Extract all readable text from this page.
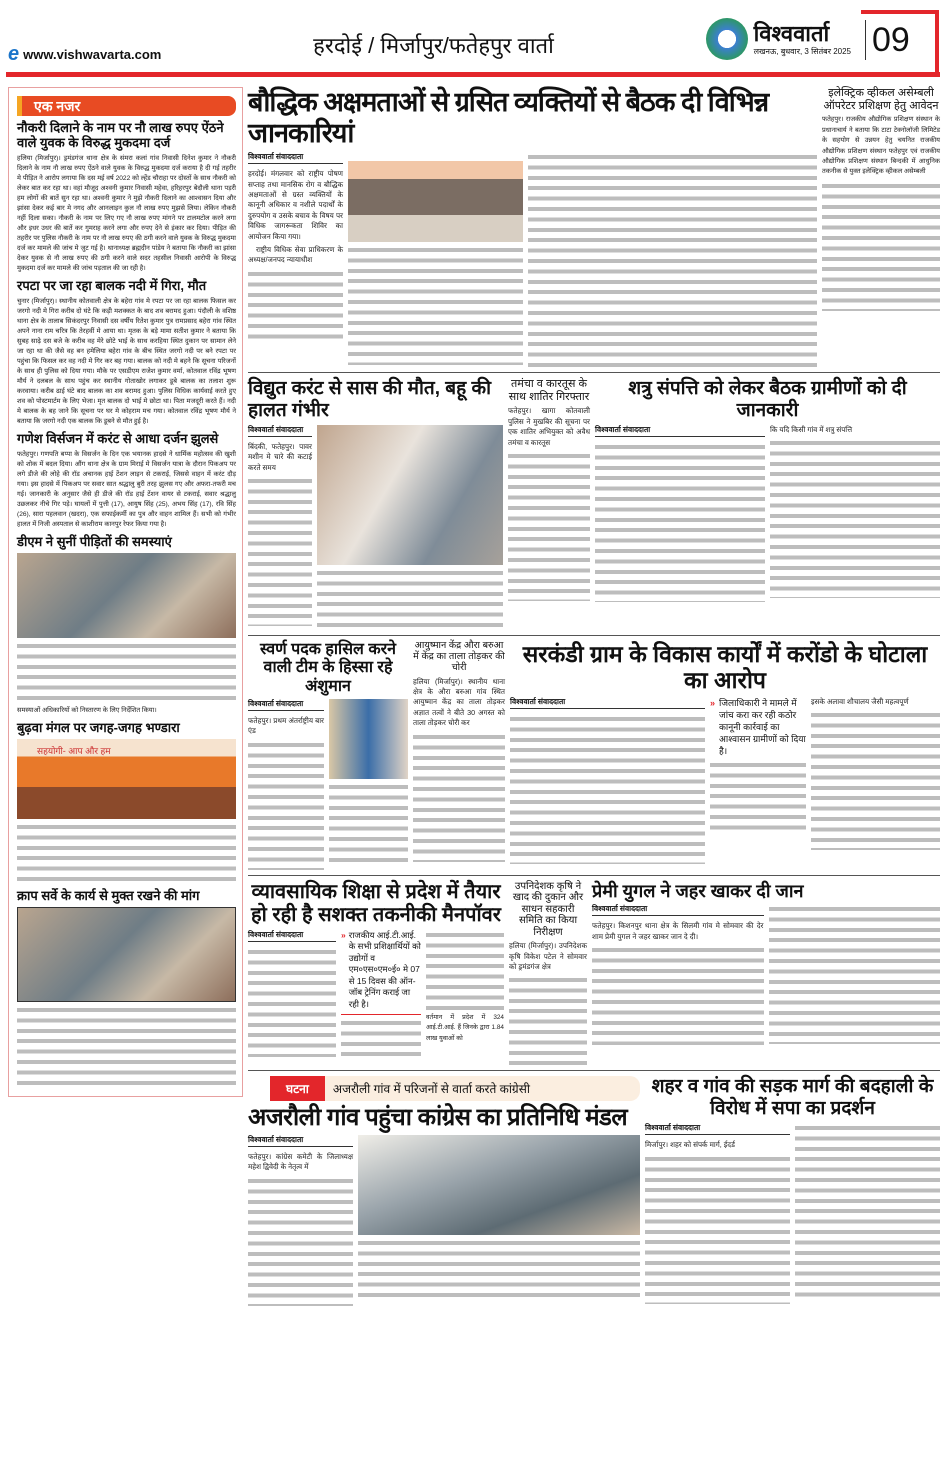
e www.vishwavarta.com	हरदोई / मिर्जापुर/फतेहपुर वार्ता	विश्ववार्ता
लखनऊ, बुधवार, 3 सितंबर 2025 09
एक नजर
नौकरी दिलाने के नाम पर नौ लाख रुपए ऐंठने वाले युवक के विरुद्ध मुकदमा दर्ज
हलिया (मिर्जापुर)। ड्रमंडगंज थाना क्षेत्र के संमरा कलां गांव निवासी दिनेश कुमार ने नौकरी दिलाने के नाम नौ लाख रुपए ऐंठने वाले युवक के विरुद्ध मुकदमा दर्ज कराया है दी गई तहरीर मे पीड़ित ने आरोप लगाया कि दस मई वर्ष 2022 को ल्हेंड चौराहा पर दोस्तों के साथ नौकरी को लेकर बात कर रहा था। वहां मौजूद अश्वनी कुमार निवासी महेवा, हरिहरपुर बेदौली थाना पड़री हम लोगों की बातें सुन रहा था। अश्वनी कुमार ने मुझे नौकरी दिलाने का आश्वासन दिया और झांसा देकर कई बार मे नगद और आनलाइन कुल नौ लाख रुपए मुझसे लिया। लेकिन नौकरी नहीं दिला सका। नौकरी के नाम पर लिए गए नौ लाख रुपए मांगने पर टालमटोल करने लगा और इधर उधर की बातें कर गुमराह करने लगा और रुपए देने से इंकार कर दिया। पीड़ित की तहरीर पर पुलिस नौकरी के नाम पर नौ लाख रुपए की ठगी करने वाले युवक के विरुद्ध मुकदमा दर्ज कर मामले की जांच मे जुट गई है। थानाध्यक्ष ब्रह्मदीन पांडेय ने बताया कि नौकरी का झांसा देकर युवक से नौ लाख रुपए की ठगी करने वाले सदर तहसील निवासी आरोपी के विरुद्ध मुकदमा दर्ज कर मामले की जांच पड़ताल की जा रही है।
रपटा पर जा रहा बालक नदी में गिरा, मौत
चुनार (मिर्जापुर)। स्थानीय कोतवाली क्षेत्र के बहेरा गांव मे रपटा पर जा रहा बालक फिसल कर जरगो नदी मे गिरा करीब दो घंटे कि कड़ी मशक्कत के बाद शव बरामद हुआ। पंदौली के वशिष्ठ थाना क्षेत्र के तालाब सिकंदरपुर निवासी दस वर्षीय रितेश कुमार पुत्र रामप्रसाद बहेरा गांव स्थित अपने नाना राम चरित्र कि तेरहवीं मे आया था। मृतक के बड़े मामा सतीश कुमार ने बताया कि सुबह साढ़े दस बजे के करीब वह मेरे छोटे भाई के साथ करहिया स्थित दुकान पर सामान लेने जा रहा था की जैसे वह बन हमेलिया बहेरा गांव के बीच स्थित जरगो नदी पर बने रपटा पर पहुंचा कि फिसल कर वह नदी मे गिर कर बह गया। बालक को नदी मे बहने कि सूचना परिजनों के साथ ही पुलिस को दिया गया। मौके पर एसडीएम राजेश कुमार वर्मा, कोतवाल रविंद्र भूषण मौर्य ने दलबल के साथ पहुंच कर स्थानीय गोताखोर लगाकर डूबे बालक का तलाश शुरू करवाया। करीब ढाई घंटे बाद बालक का शव बरामद हुआ। पुलिस विधिक कार्यवाई करते हुए शव को पोस्टमार्टम के लिए भेजा। मृत बालक दो भाई मे छोटा था। पिता मजदूरी करते हैं। नदी मे बालक के बह जाने कि सूचना पर घर मे कोहराम मच गया। कोतवाल रविंद्र भूषण मौर्य ने बताया कि जरगो नदी एक बालक कि डूबने से मौत हुई है।
गणेश विर्सजन में करंट से आधा दर्जन झुलसे
फतेहपुर। गणपति बप्पा के विसर्जन के दिन एक भयानक हादसे ने धार्मिक महोत्सव की खुशी को शोक में बदल दिया। औंग थाना क्षेत्र के ग्राम मिराई मे विसर्जन यात्रा के दौरान पिकअप पर लगे डीजे की लोहे की रॉड अचानक हाई टेंशन लाइन से टकराई, जिससे वाहन में करंट दौड़ गया। इस हादसे में पिकअप पर सवार सात श्रद्धालु बुरी तरह झुलस गए और अफरा-तफरी मच गई। जानकारी के अनुसार जैसे ही डीजे की रॉड हाई टेंशन वायर से टकराई, सवार श्रद्धालु उछलकर नीचे गिर पड़े। घायलों में पुत्ती (17), आयुष सिंह (25), अभय सिंह (17), रवि सिंह (26), सारा पहलवान (खदरा), एक सफाईकर्मी का पुत्र और वाहन शामिल हैं। सभी को गंभीर हालत में निजी अस्पताल से काशीराम कानपुर रेफर किया गया है।
डीएम ने सुनीं पीड़ितों की समस्याएं
समस्याओं अधिकारियों को निस्तारण के लिए निर्देशित किया।
बुढ़वा मंगल पर जगह-जगह भण्डारा
सहयोगी- आप और हम
क्राप सर्वे के कार्य से मुक्त रखने की मांग
बौद्धिक अक्षमताओं से ग्रसित व्यक्तियों से बैठक दी विभिन्न जानकारियां
विश्ववार्ता संवाददाता
हरदोई। मंगलवार को राष्ट्रीय पोषण सप्ताह तथा मानसिक रोग व बौद्धिक अक्षमताओं से ग्रस्त व्यक्तियों के कानूनी अधिकार व नशीले पदार्थों के दुरुपयोग व उसके बचाव के विषय पर विधिक जागरूकता शिविर का आयोजन किया गया।
राष्ट्रीय विधिक सेवा प्राधिकरण के अध्यक्ष/जनपद न्यायाधीश
इलेक्ट्रिक व्हीकल असेम्बली ऑपरेटर प्रशिक्षण हेतु आवेदन
फतेहपुर। राजकीय औद्योगिक प्रशिक्षण संस्थान के प्रधानाचार्य ने बताया कि टाटा टेक्नोलॉजी लिमिटेड के सहयोग से उन्नयन हेतु चयनित राजकीय औद्योगिक प्रशिक्षण संस्थान फतेहपुर एवं राजकीय औद्योगिक प्रशिक्षण संस्थान बिन्दकी में आधुनिक तकनीक से युक्त इलेक्ट्रिक व्हीकल असेम्बली
विद्युत करंट से सास की मौत, बहू की हालत गंभीर
विश्ववार्ता संवाददाता
बिंदकी, फतेहपुर। पावर मशीन मे चारे की कटाई करते समय
तमंचा व कारतूस के साथ शातिर गिरफ्तार
फतेहपुर। खागा कोतवाली पुलिस ने मुखबिर की सूचना पर एक शातिर अभियुक्त को अवैध तमंचा व कारतूस
शत्रु संपत्ति को लेकर बैठक ग्रामीणों को दी जानकारी
विश्ववार्ता संवाददाता	कि यदि किसी गांव में शत्रु संपत्ति
स्वर्ण पदक हासिल करने वाली टीम के हिस्सा रहे अंशुमान
विश्ववार्ता संवाददाता
फतेहपुर। प्रथम अंतर्राष्ट्रीय बार एंड
आयुष्मान केंद्र औरा बरुआ में केंद्र का ताला तोड़कर की चोरी
हलिया (मिर्जापुर)। स्थानीय थाना क्षेत्र के औरा बरुआ गांव स्थित आयुष्मान केंद्र का ताला तोड़कर अज्ञात तत्वों ने बीते 30 अगस्त को ताला तोड़कर चोरी कर
सरकंडी ग्राम के विकास कार्यों में करोंडो के घोटाला का आरोप
विश्ववार्ता संवाददाता	» जिलाधिकारी ने मामले में जांच करा कर रही कठोर कानूनी कार्रवाई का आश्वासन ग्रामीणों को दिया है।
इसके अलावा शौचालय जैसी महत्वपूर्ण
व्यावसायिक शिक्षा से प्रदेश में तैयार हो रही है सशक्त तकनीकी मैनपॉवर
विश्ववार्ता संवाददाता	» राजकीय आई.टी.आई. के सभी प्रशिक्षार्थियों को उद्योगों व एम०एस०एम०ई० मे 07 से 15 दिवस की ऑन-जॉब ट्रेनिंग कराई जा रही है।
वर्तमान में प्रदेश में 324 आई.टी.आई. हैं जिनके द्वारा 1.84 लाख युवाओं को
उपनिदेशक कृषि ने खाद की दुकान और साधन सहकारी समिति का किया निरीक्षण
हलिया (मिर्जापुर)। उपनिदेशक कृषि विकेश पटेल ने सोमवार को ड्रमंडगंज क्षेत्र
प्रेमी युगल ने जहर खाकर दी जान
विश्ववार्ता संवाददाता
फतेहपुर। किशनपुर थाना क्षेत्र के सिलमी गांव मे सोमवार की देर शाम प्रेमी युगल ने जहर खाकर जान दे दी।
घटना	अजरौली गांव में परिजनों से वार्ता करते कांग्रेसी
अजरौली गांव पहुंचा कांग्रेस का प्रतिनिधि मंडल
विश्ववार्ता संवाददाता
फतेहपुर। कांग्रेस कमेटी के जिलाध्यक्ष महेश द्विवेदी के नेतृत्व में
शहर व गांव की सड़क मार्ग की बदहाली के विरोध में सपा का प्रदर्शन
विश्ववार्ता संवाददाता
मिर्जापुर। शहर को संपर्क मार्ग, ईदर्ड
